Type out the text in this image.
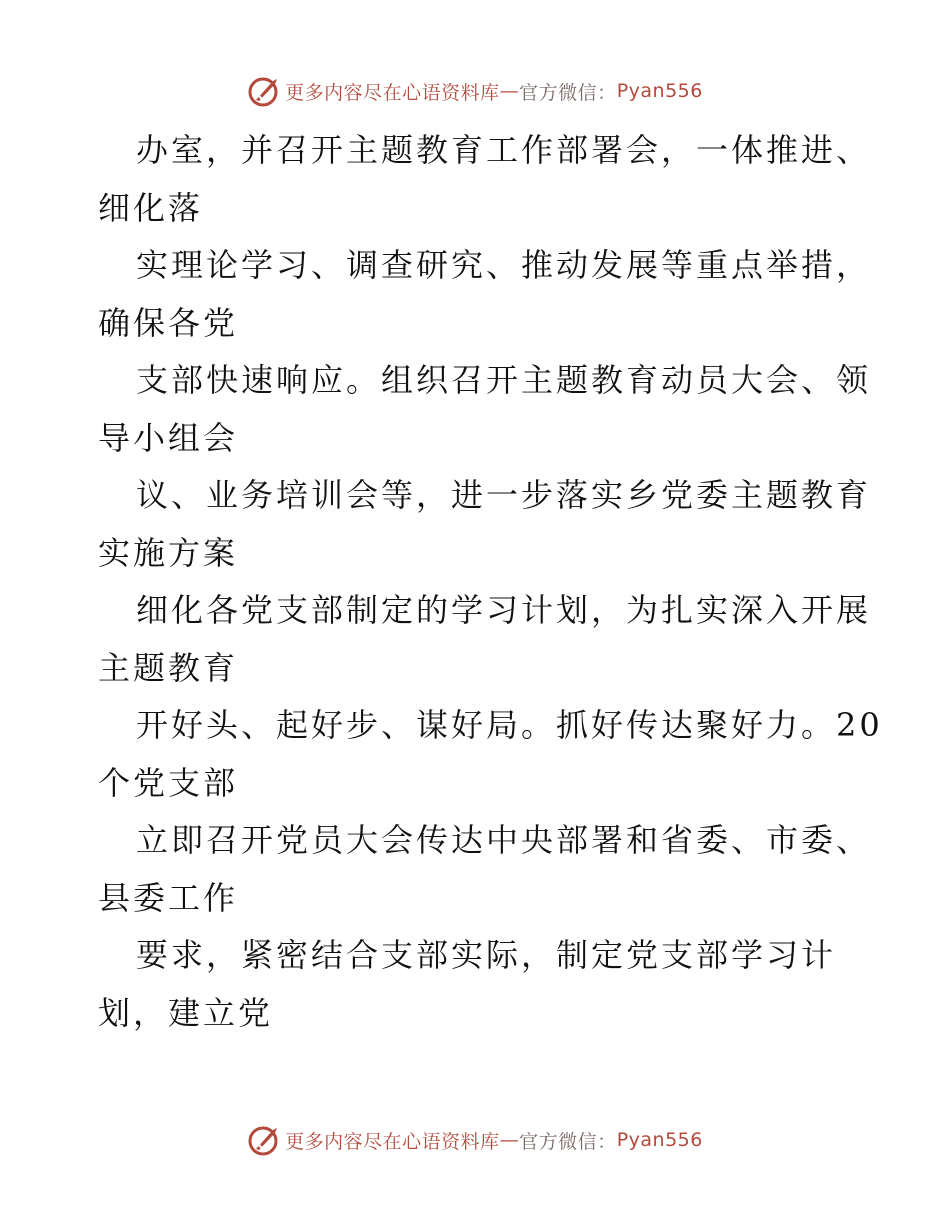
更多内容尽在心语资料库 — 官方微信： Pyan556

办室，并召开主题教育工作部署会，一体推进、
细化落

实理论学习、调查研究、推动发展等重点举措，
确保各党

支部快速响应。组织召开主题教育动员大会、领
导小组会

议、业务培训会等，进一步落实乡党委主题教育
实施方案

细化各党支部制定的学习计划，为扎实深入开展
主题教育

开好头、起好步、谋好局。抓好传达聚好力。20
个党支部

立即召开党员大会传达中央部署和省委、市委、
县委工作

要求，紧密结合支部实际，制定党支部学习计
划，建立党

更多内容尽在心语资料库 — 官方微信： Pyan556
